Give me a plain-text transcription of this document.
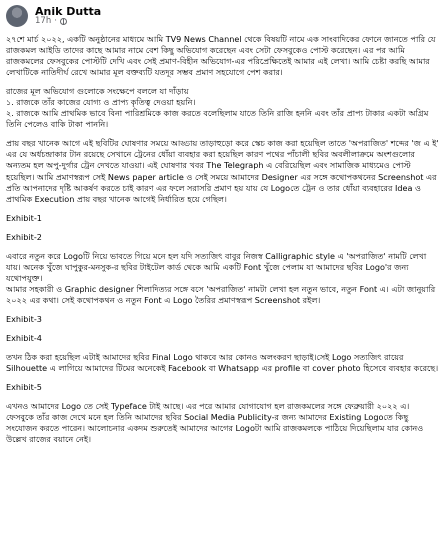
Anik Dutta
17h ·

২৭শে মার্চ ২০২২, একটি অনুষ্ঠানের মাধ্যমে আমি TV9 News Channel থেকে বিষয়টি নামে এক সাংবাদিকের ফোনে জানতে পারি যে রাজকমল আইডি তাদের কাছে আমার নামে বেশ কিছু অভিযোগ করেছেন এবং সেটা ফেসবুকেও পোস্ট করেছেন। এর পর আমি রাজকমলের ফেসবুকের পোস্টটি দেখি এবং সেই প্রমাণ-বিহীন অভিযোগ-এর পরিপ্রেক্ষিতেই আমার এই লেখা। আমি চেষ্টা করছি আমার লেখাটিকে নাতিদীর্ঘ রেখে আমার মূল বক্তব্যটি যতদূর সম্ভব প্রমাণ সহযোগে পেশ করার।

রাজের মূল অভিযোগ গুলোকে সংক্ষেপে বললে যা দাঁড়ায়
১. রাজকে তাঁর কাজের যোগ্য ও প্রাপ্য কৃতিত্ব দেওয়া হয়নি।
২. রাজকে আমি প্রাথমিক ভাবে বিনা পারিশ্রমিকে কাজ করতে বলেছিলাম যাতে তিনি রাজি হননি এবং তাঁর প্রাপ্য টাকার একটা অগ্রিম তিনি পেলেও বাকি টাকা পাননি।

প্রায় বছর খানেক আগে এই ছবিটির ঘোষণার সময়ে আড্ডায় তাড়াহুড়ো করে স্কেচ কাজ করা হয়েছিল তাতে 'অপরাজিত' শব্দের 'জ এ ই' এর যে অর্ধচন্দ্রাকার টান রয়েছে সেখানে ট্রেনের ধোঁয়া ব্যবহার করা হয়েছিল কারণ পথের পাঁচালী ছবির অবলীলাক্রমে অংশগুলোর অন্যতম হল অপু-দুর্গার ট্রেন দেখতে যাওয়া। এই ঘোষণার খবর The Telegraph এ বেরিয়েছিল এবং সামাজিক মাধ্যমেও পোস্ট হয়েছিল। আমি প্রমাণস্বরূপ সেই News paper article ও সেই সময়ে আমাদের Designer এর সঙ্গে কথোপকথনের Screenshot এর প্রতি আপনাদের দৃষ্টি আকর্ষণ করতে চাই কারণ এর ফলে সরাসরি প্রমাণ হয় যায় যে Logoতে ট্রেন ও তার ধোঁয়া ব্যবহারের Idea ও প্রাথমিক Execution প্রায় বছর খানেক আগেই নির্ধারিত হয়ে গেছিল।

Exhibit-1

Exhibit-2

এবারে নতুন করে Logoটি নিয়ে ভাবতে গিয়ে মনে হল যদি সত্যজিৎ বাবুর নিজস্ব Calligraphic style এ 'অপরাজিত' নামটি লেখা যায়। অনেক খুঁজে ঘাপুকুর-মনসুক-র ছবির টাইটেল কার্ড থেকে আমি একটি Font খুঁজে পেলাম যা আমাদের ছবির Logo'র জন্য যথোপযুক্ত।
আমার সহকারী ও Graphic designer শিলাদিত্যর সঙ্গে বসে 'অপরাজিত' নামটা লেখা হল নতুন ভাবে, নতুন Font এ। এটা জানুয়ারি ২০২২ এর কথা। সেই কথোপকথন ও নতুন Font এ Logo তৈরির প্রমাণস্বরূপ Screenshot রইল।

Exhibit-3

Exhibit-4

তখন ঠিক করা হয়েছিল এটাই আমাদের ছবির Final Logo থাকবে আর কোনও অলংকরণ ছাড়াই।সেই Logo সত্যজিৎ রায়ের Silhouette এ লাগিয়ে আমাদের টিমের অনেকেই Facebook বা Whatsapp এর profile বা cover photo হিসেবে ব্যবহার করেছে।

Exhibit-5

এখনও আমাদের Logo তে সেই Typeface টাই আছে। এর পরে আমার যোগাযোগ হল রাজকমলের সঙ্গে ফেব্রুয়ারী ২০২২ এ। ফেসবুকে তাঁর কাজ দেখে মনে হল তিনি আমাদের ছবির Social Media Publicity-র জন্য আমাদের Existing Logoতে কিছু সংযোজন করতে পারেন। আলোচনার একদম শুরুতেই আমাদের আগের Logoটা আমি রাজকমলকে পাঠিয়ে দিয়েছিলাম যার কোনও উল্লেখ রাজের বয়ানে নেই।
